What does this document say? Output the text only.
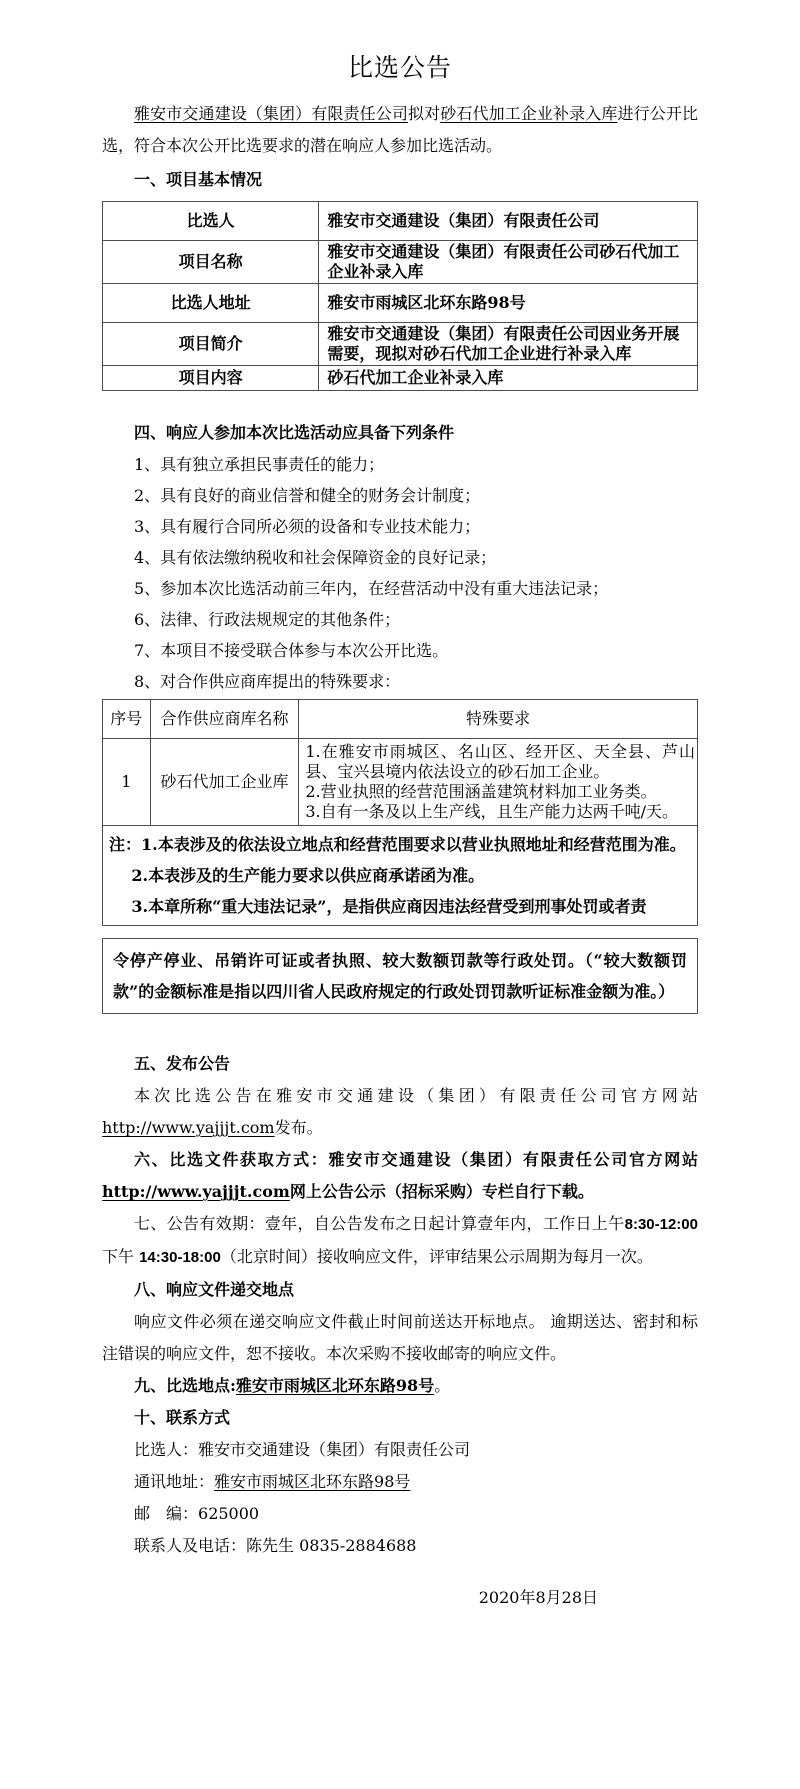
比选公告

雅安市交通建设（集团）有限责任公司拟对砂石代加工企业补录入库进行公开比选，符合本次公开比选要求的潜在响应人参加比选活动。

一、项目基本情况

比选人	雅安市交通建设（集团）有限责任公司
项目名称	雅安市交通建设（集团）有限责任公司砂石代加工企业补录入库
比选人地址	雅安市雨城区北环东路98号
项目简介	雅安市交通建设（集团）有限责任公司因业务开展需要，现拟对砂石代加工企业进行补录入库
项目内容	砂石代加工企业补录入库

四、响应人参加本次比选活动应具备下列条件

1、具有独立承担民事责任的能力；

2、具有良好的商业信誉和健全的财务会计制度；

3、具有履行合同所必须的设备和专业技术能力；

4、具有依法缴纳税收和社会保障资金的良好记录；

5、参加本次比选活动前三年内，在经营活动中没有重大违法记录；

6、法律、行政法规规定的其他条件；

7、本项目不接受联合体参与本次公开比选。

8、对合作供应商库提出的特殊要求：

序号	合作供应商库名称	特殊要求
1	砂石代加工企业库	1.在雅安市雨城区、名山区、经开区、天全县、芦山县、宝兴县境内依法设立的砂石加工企业。
2.营业执照的经营范围涵盖建筑材料加工业务类。
3.自有一条及以上生产线，且生产能力达两千吨/天。

注：1.本表涉及的依法设立地点和经营范围要求以营业执照地址和经营范围为准。

2.本表涉及的生产能力要求以供应商承诺函为准。

3.本章所称“重大违法记录”，是指供应商因违法经营受到刑事处罚或者责		

令停产停业、吊销许可证或者执照、较大数额罚款等行政处罚。（“较大数额罚款”的金额标准是指以四川省人民政府规定的行政处罚罚款听证标准金额为准。）

五、发布公告

本次比选公告在雅安市交通建设（集团）有限责任公司官方网站http://www.yajjjt.com发布。

六、比选文件获取方式：雅安市交通建设（集团）有限责任公司官方网站http://www.yajjjt.com网上公告公示（招标采购）专栏自行下载。

七、公告有效期：壹年，自公告发布之日起计算壹年内，工作日上午8:30-12:00 下午 14:30-18:00（北京时间）接收响应文件，评审结果公示周期为每月一次。

八、响应文件递交地点

响应文件必须在递交响应文件截止时间前送达开标地点。 逾期送达、密封和标注错误的响应文件，恕不接收。本次采购不接收邮寄的响应文件。

九、比选地点:雅安市雨城区北环东路98号。

十、联系方式

比选人：雅安市交通建设（集团）有限责任公司

通讯地址：雅安市雨城区北环东路98号

邮　编：625000

联系人及电话：陈先生 0835-2884688

2020年8月28日
